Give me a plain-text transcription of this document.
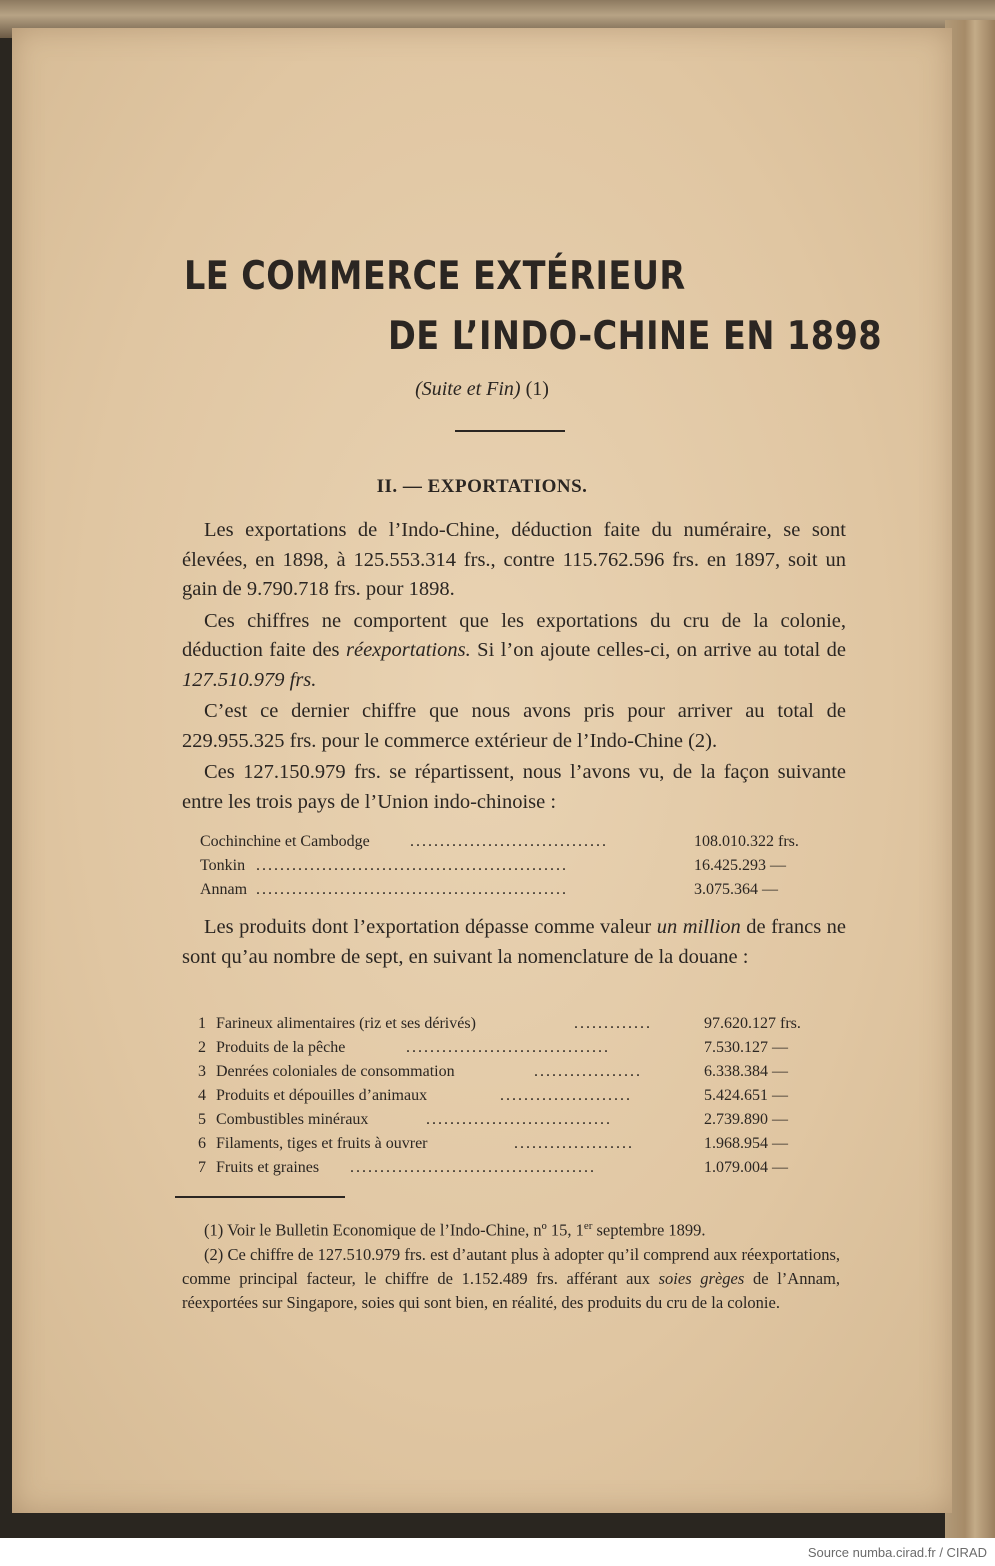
LE COMMERCE EXTÉRIEUR
DE L’INDO-CHINE EN 1898
(Suite et Fin) (1)
II. — EXPORTATIONS.

Les exportations de l’Indo-Chine, déduction faite du numéraire, se sont élevées, en 1898, à 125.553.314 frs., contre 115.762.596 frs. en 1897, soit un gain de 9.790.718 frs. pour 1898.

Ces chiffres ne comportent que les exportations du cru de la colonie, déduction faite des réexportations. Si l’on ajoute celles-ci, on arrive au total de 127.510.979 frs.

C’est ce dernier chiffre que nous avons pris pour arriver au total de 229.955.325 frs. pour le commerce extérieur de l’Indo-Chine (2).

Ces 127.150.979 frs. se répartissent, nous l’avons vu, de la façon suivante entre les trois pays de l’Union indo-chinoise :

Cochinchine et Cambodge	.................................	108.010.322 frs.
Tonkin ....................................................	16.425.293 —
Annam ....................................................	3.075.364 —

Les produits dont l’exportation dépasse comme valeur un million de francs ne sont qu’au nombre de sept, en suivant la nomenclature de la douane :

1 Farineux alimentaires (riz et ses dérivés)	.............	97.620.127 frs.
2 Produits de la pêche	..................................	7.530.127 —
3 Denrées coloniales de consommation	..................	6.338.384 —
4 Produits et dépouilles d’animaux	......................	5.424.651 —
5 Combustibles minéraux	...............................	2.739.890 —
6 Filaments, tiges et fruits à ouvrer	....................	1.968.954 —
7 Fruits et graines .........................................	1.079.004 —

(1) Voir le Bulletin Economique de l’Indo-Chine, nº 15, 1er septembre 1899.

(2) Ce chiffre de 127.510.979 frs. est d’autant plus à adopter qu’il comprend aux réexportations, comme principal facteur, le chiffre de 1.152.489 frs. afférant aux soies grèges de l’Annam, réexportées sur Singapore, soies qui sont bien, en réalité, des produits du cru de la colonie.

Source numba.cirad.fr / CIRAD
